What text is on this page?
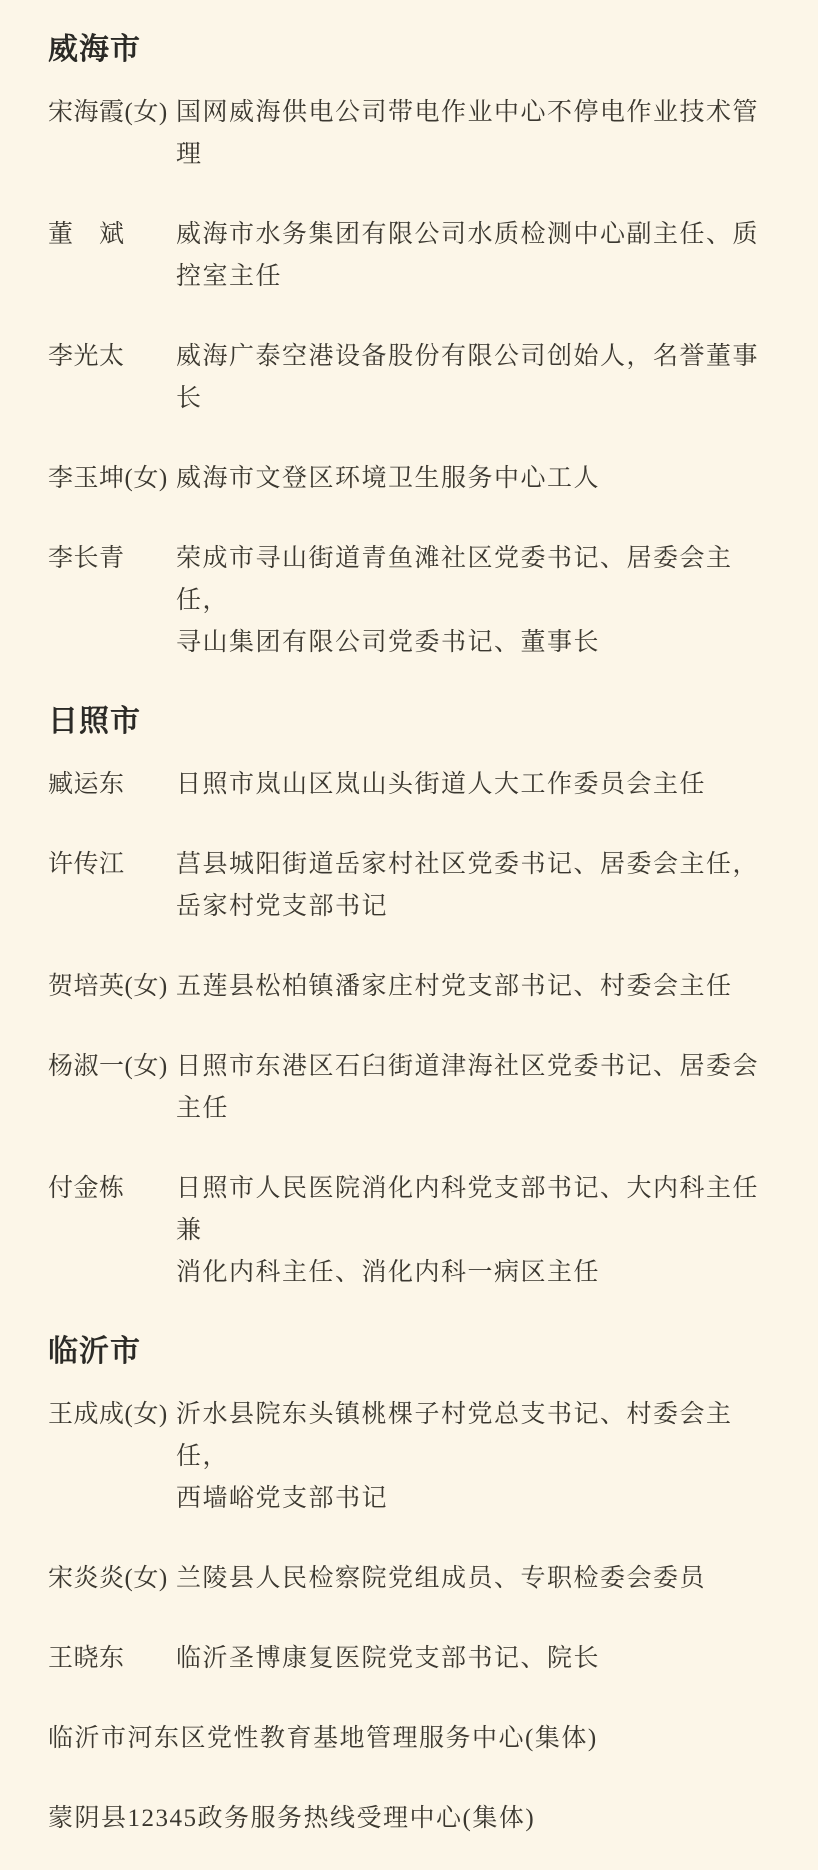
威海市
宋海霞(女) 国网威海供电公司带电作业中心不停电作业技术管理
董　斌	威海市水务集团有限公司水质检测中心副主任、质控室主任
李光太	威海广泰空港设备股份有限公司创始人，名誉董事长
李玉坤(女) 威海市文登区环境卫生服务中心工人
李长青	荣成市寻山街道青鱼滩社区党委书记、居委会主任，
寻山集团有限公司党委书记、董事长
日照市
臧运东	日照市岚山区岚山头街道人大工作委员会主任
许传江	莒县城阳街道岳家村社区党委书记、居委会主任，
岳家村党支部书记
贺培英(女) 五莲县松柏镇潘家庄村党支部书记、村委会主任
杨淑一(女) 日照市东港区石臼街道津海社区党委书记、居委会主任
付金栋	日照市人民医院消化内科党支部书记、大内科主任兼
消化内科主任、消化内科一病区主任
临沂市
王成成(女) 沂水县院东头镇桃棵子村党总支书记、村委会主任，
西墙峪党支部书记
宋炎炎(女) 兰陵县人民检察院党组成员、专职检委会委员
王晓东	临沂圣博康复医院党支部书记、院长
临沂市河东区党性教育基地管理服务中心(集体)
蒙阴县12345政务服务热线受理中心(集体)
